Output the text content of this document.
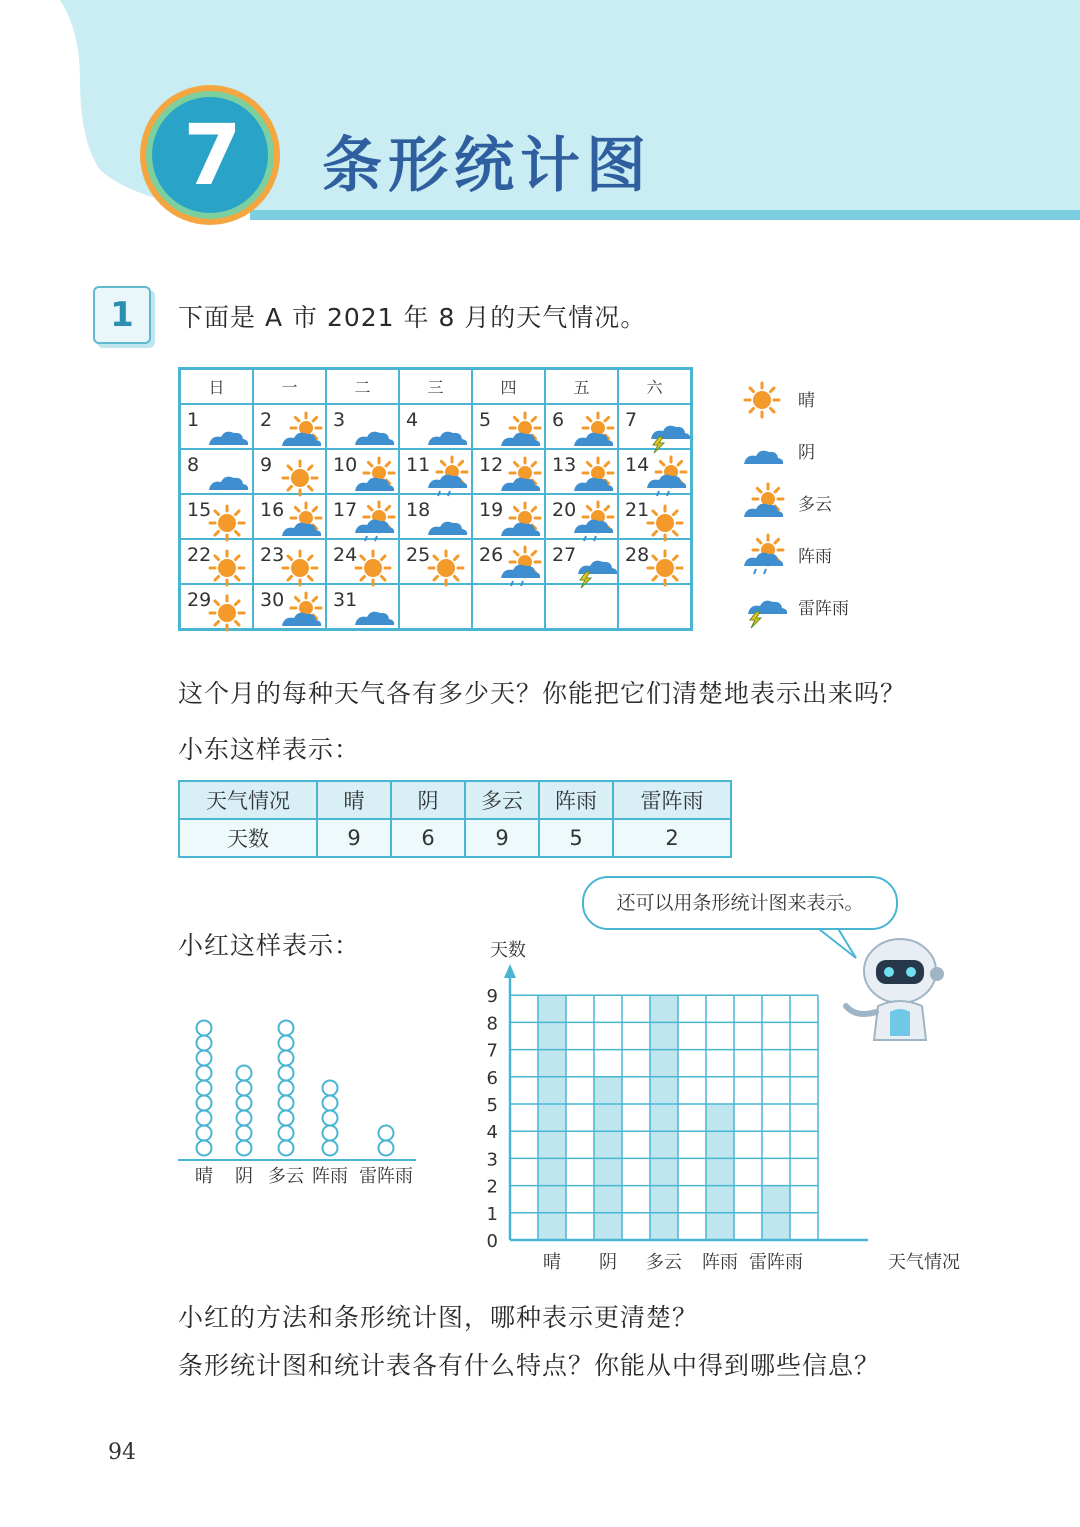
7	条形统计图
1	下面是 A 市 2021 年 8 月的天气情况。
日	一	二	三	四	五	六

1	2	3	4	5	6	7

8	9	10	11	12	13	14

15	16	17	18	19	20	21

22	23	24	25	26	27	28

29	30	31				

晴
阴
多云
阵雨
雷阵雨
这个月的每种天气各有多少天？你能把它们清楚地表示出来吗？
小东这样表示：
天气情况	晴	阴	多云	阵雨	雷阵雨
天数	9	6	9	5	2
还可以用条形统计图来表示。
小红这样表示：
晴 阴 多云 阵雨 雷阵雨
0
1
2
3
4
5
6
7
8
9
晴 阴 多云 阵雨 雷阵雨	天气情况
天数
小红的方法和条形统计图，哪种表示更清楚？
条形统计图和统计表各有什么特点？你能从中得到哪些信息？
94
